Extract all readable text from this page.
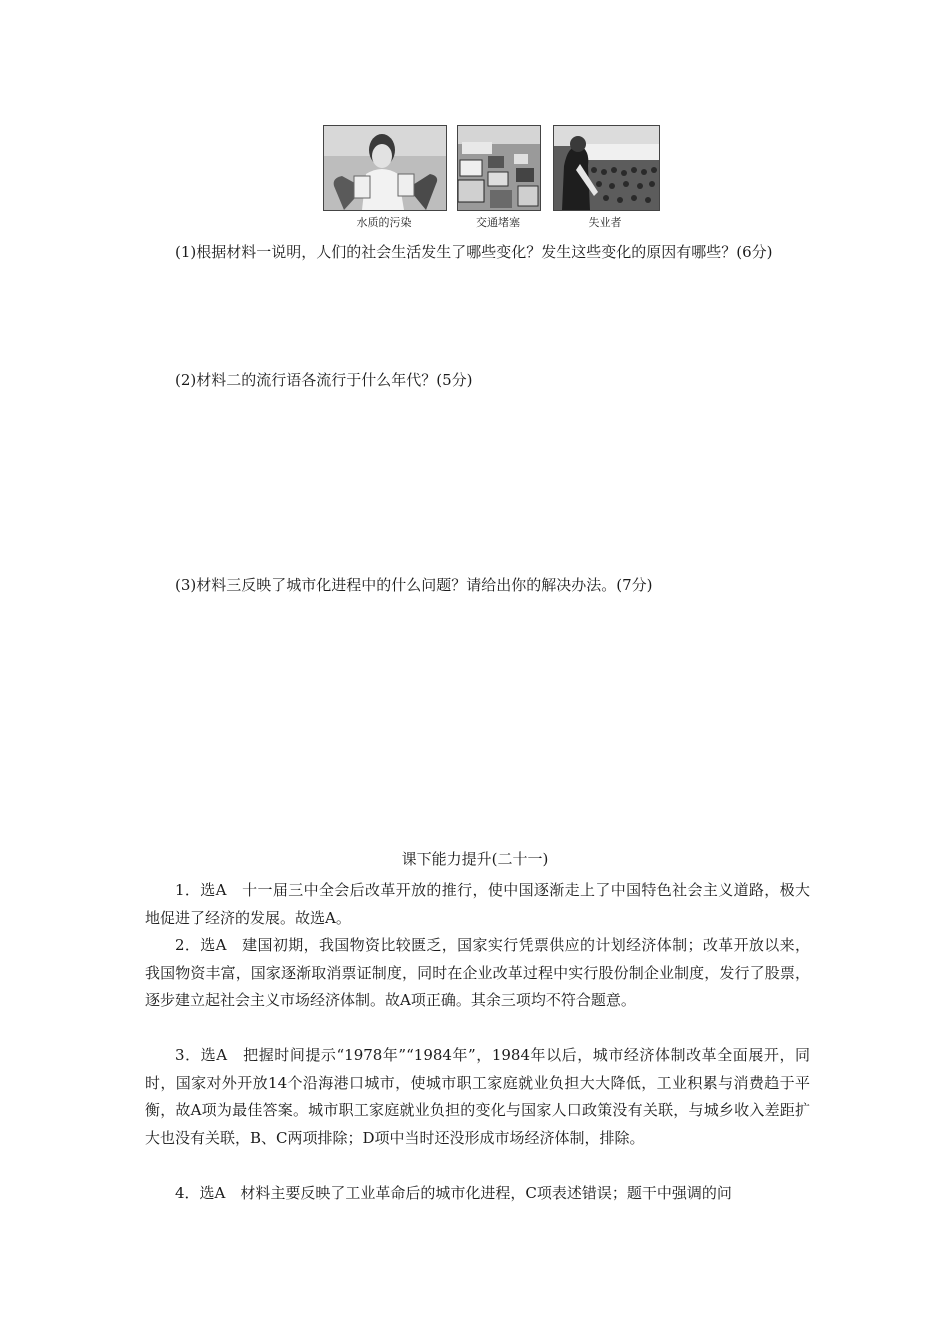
水质的污染	交通堵塞	失业者
(1)根据材料一说明，人们的社会生活发生了哪些变化？发生这些变化的原因有哪些？(6分)
(2)材料二的流行语各流行于什么年代？(5分)
(3)材料三反映了城市化进程中的什么问题？请给出你的解决办法。(7分)
课下能力提升(二十一)
1．选A　十一届三中全会后改革开放的推行，使中国逐渐走上了中国特色社会主义道路，极大地促进了经济的发展。故选A。
2．选A　建国初期，我国物资比较匮乏，国家实行凭票供应的计划经济体制；改革开放以来，我国物资丰富，国家逐渐取消票证制度，同时在企业改革过程中实行股份制企业制度，发行了股票，逐步建立起社会主义市场经济体制。故A项正确。其余三项均不符合题意。
3．选A　把握时间提示“1978年”“1984年”，1984年以后，城市经济体制改革全面展开，同时，国家对外开放14个沿海港口城市，使城市职工家庭就业负担大大降低，工业积累与消费趋于平衡，故A项为最佳答案。城市职工家庭就业负担的变化与国家人口政策没有关联，与城乡收入差距扩大也没有关联，B、C两项排除；D项中当时还没形成市场经济体制，排除。
4．选A　材料主要反映了工业革命后的城市化进程，C项表述错误；题干中强调的问
